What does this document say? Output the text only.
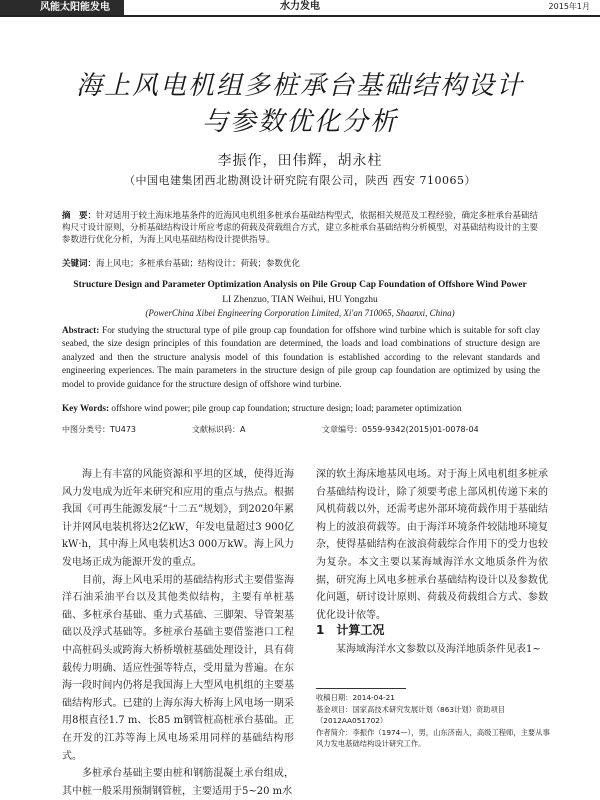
风能太阳能发电	水力发电	2015年1月
海上风电机组多桩承台基础结构设计
与参数优化分析
李振作，田伟辉，胡永柱
（中国电建集团西北勘测设计研究院有限公司，陕西 西安 710065）
摘　要：针对适用于较土海床地基条件的近海风电机组多桩承台基础结构型式，依据相关规范及工程经验，确定多桩承台基础结构尺寸设计原则，分析基础结构设计所应考虑的荷载及荷载组合方式，建立多桩承台基础结构分析模型，对基础结构设计的主要参数进行优化分析，为海上风电基础结构设计提供指导。
关键词：海上风电；多桩承台基础；结构设计；荷载；参数优化
Structure Design and Parameter Optimization Analysis on Pile Group Cap Foundation of Offshore Wind Power
LI Zhenzuo, TIAN Weihui, HU Yongzhu
(PowerChina Xibei Engineering Corporation Limited, Xi'an 710065, Shaanxi, China)
Abstract: For studying the structural type of pile group cap foundation for offshore wind turbine which is suitable for soft clay seabed, the size design principles of this foundation are determined, the loads and load combinations of structure design are analyzed and then the structure analysis model of this foundation is established according to the relevant standards and engineering experiences. The main parameters in the structure design of pile group cap foundation are optimized by using the model to provide guidance for the structure design of offshore wind turbine.
Key Words: offshore wind power; pile group cap foundation; structure design; load; parameter optimization
中图分类号：TU473	文献标识码：A	文章编号：0559-9342(2015)01-0078-04

海上有丰富的风能资源和平坦的区域，使得近海风力发电成为近年来研究和应用的重点与热点。根据我国《可再生能源发展“十二五”规划》，到2020年累计并网风电装机将达2亿kW，年发电量超过3 900亿kW·h，其中海上风电装机达3 000万kW。海上风力发电场正成为能源开发的重点。

目前，海上风电采用的基础结构形式主要借鉴海洋石油采油平台以及其他类似结构，主要有单桩基础、多桩承台基础、重力式基础、三脚架、导管架基础以及浮式基础等。多桩承台基础主要借鉴港口工程中高桩码头或跨海大桥桥墩桩基础处理设计，具有荷载传力明确、适应性强等特点，受用量为普遍。在东海一段时间内仍将是我国海上大型风电机组的主要基础结构形式。已建的上海东海大桥海上风电场一期采用8根直径1.7 m、长85 m钢管桩高桩承台基础。正在开发的江苏等海上风电场采用同样的基础结构形式。

多桩承台基础主要由桩和钢筋混凝土承台组成，其中桩一般采用预制钢管桩，主要适用于5~20 m水

深的软土海床地基风电场。对于海上风电机组多桩承台基础结构设计，除了须要考虑上部风机传递下来的风机荷载以外，还需考虑外部环境荷载作用于基础结构上的波浪荷载等。由于海洋环境条件较陆地环境复杂，使得基础结构在波浪荷载综合作用下的受力也较为复杂。本文主要以某海域海洋水文地质条件为依据，研究海上风电多桩承台基础结构设计以及参数优化问题，研讨设计原则、荷载及荷载组合方式、参数优化设计依等。

1　计算工况
某海域海洋水文参数以及海洋地质条件见表1~

收稿日期：2014-04-21

基金项目：国家高技术研究发展计划（863计划）资助项目（2012AA051702）

作者简介：李振作（1974—），男，山东济南人，高级工程师，主要从事风力发电基础结构设计研究工作。
